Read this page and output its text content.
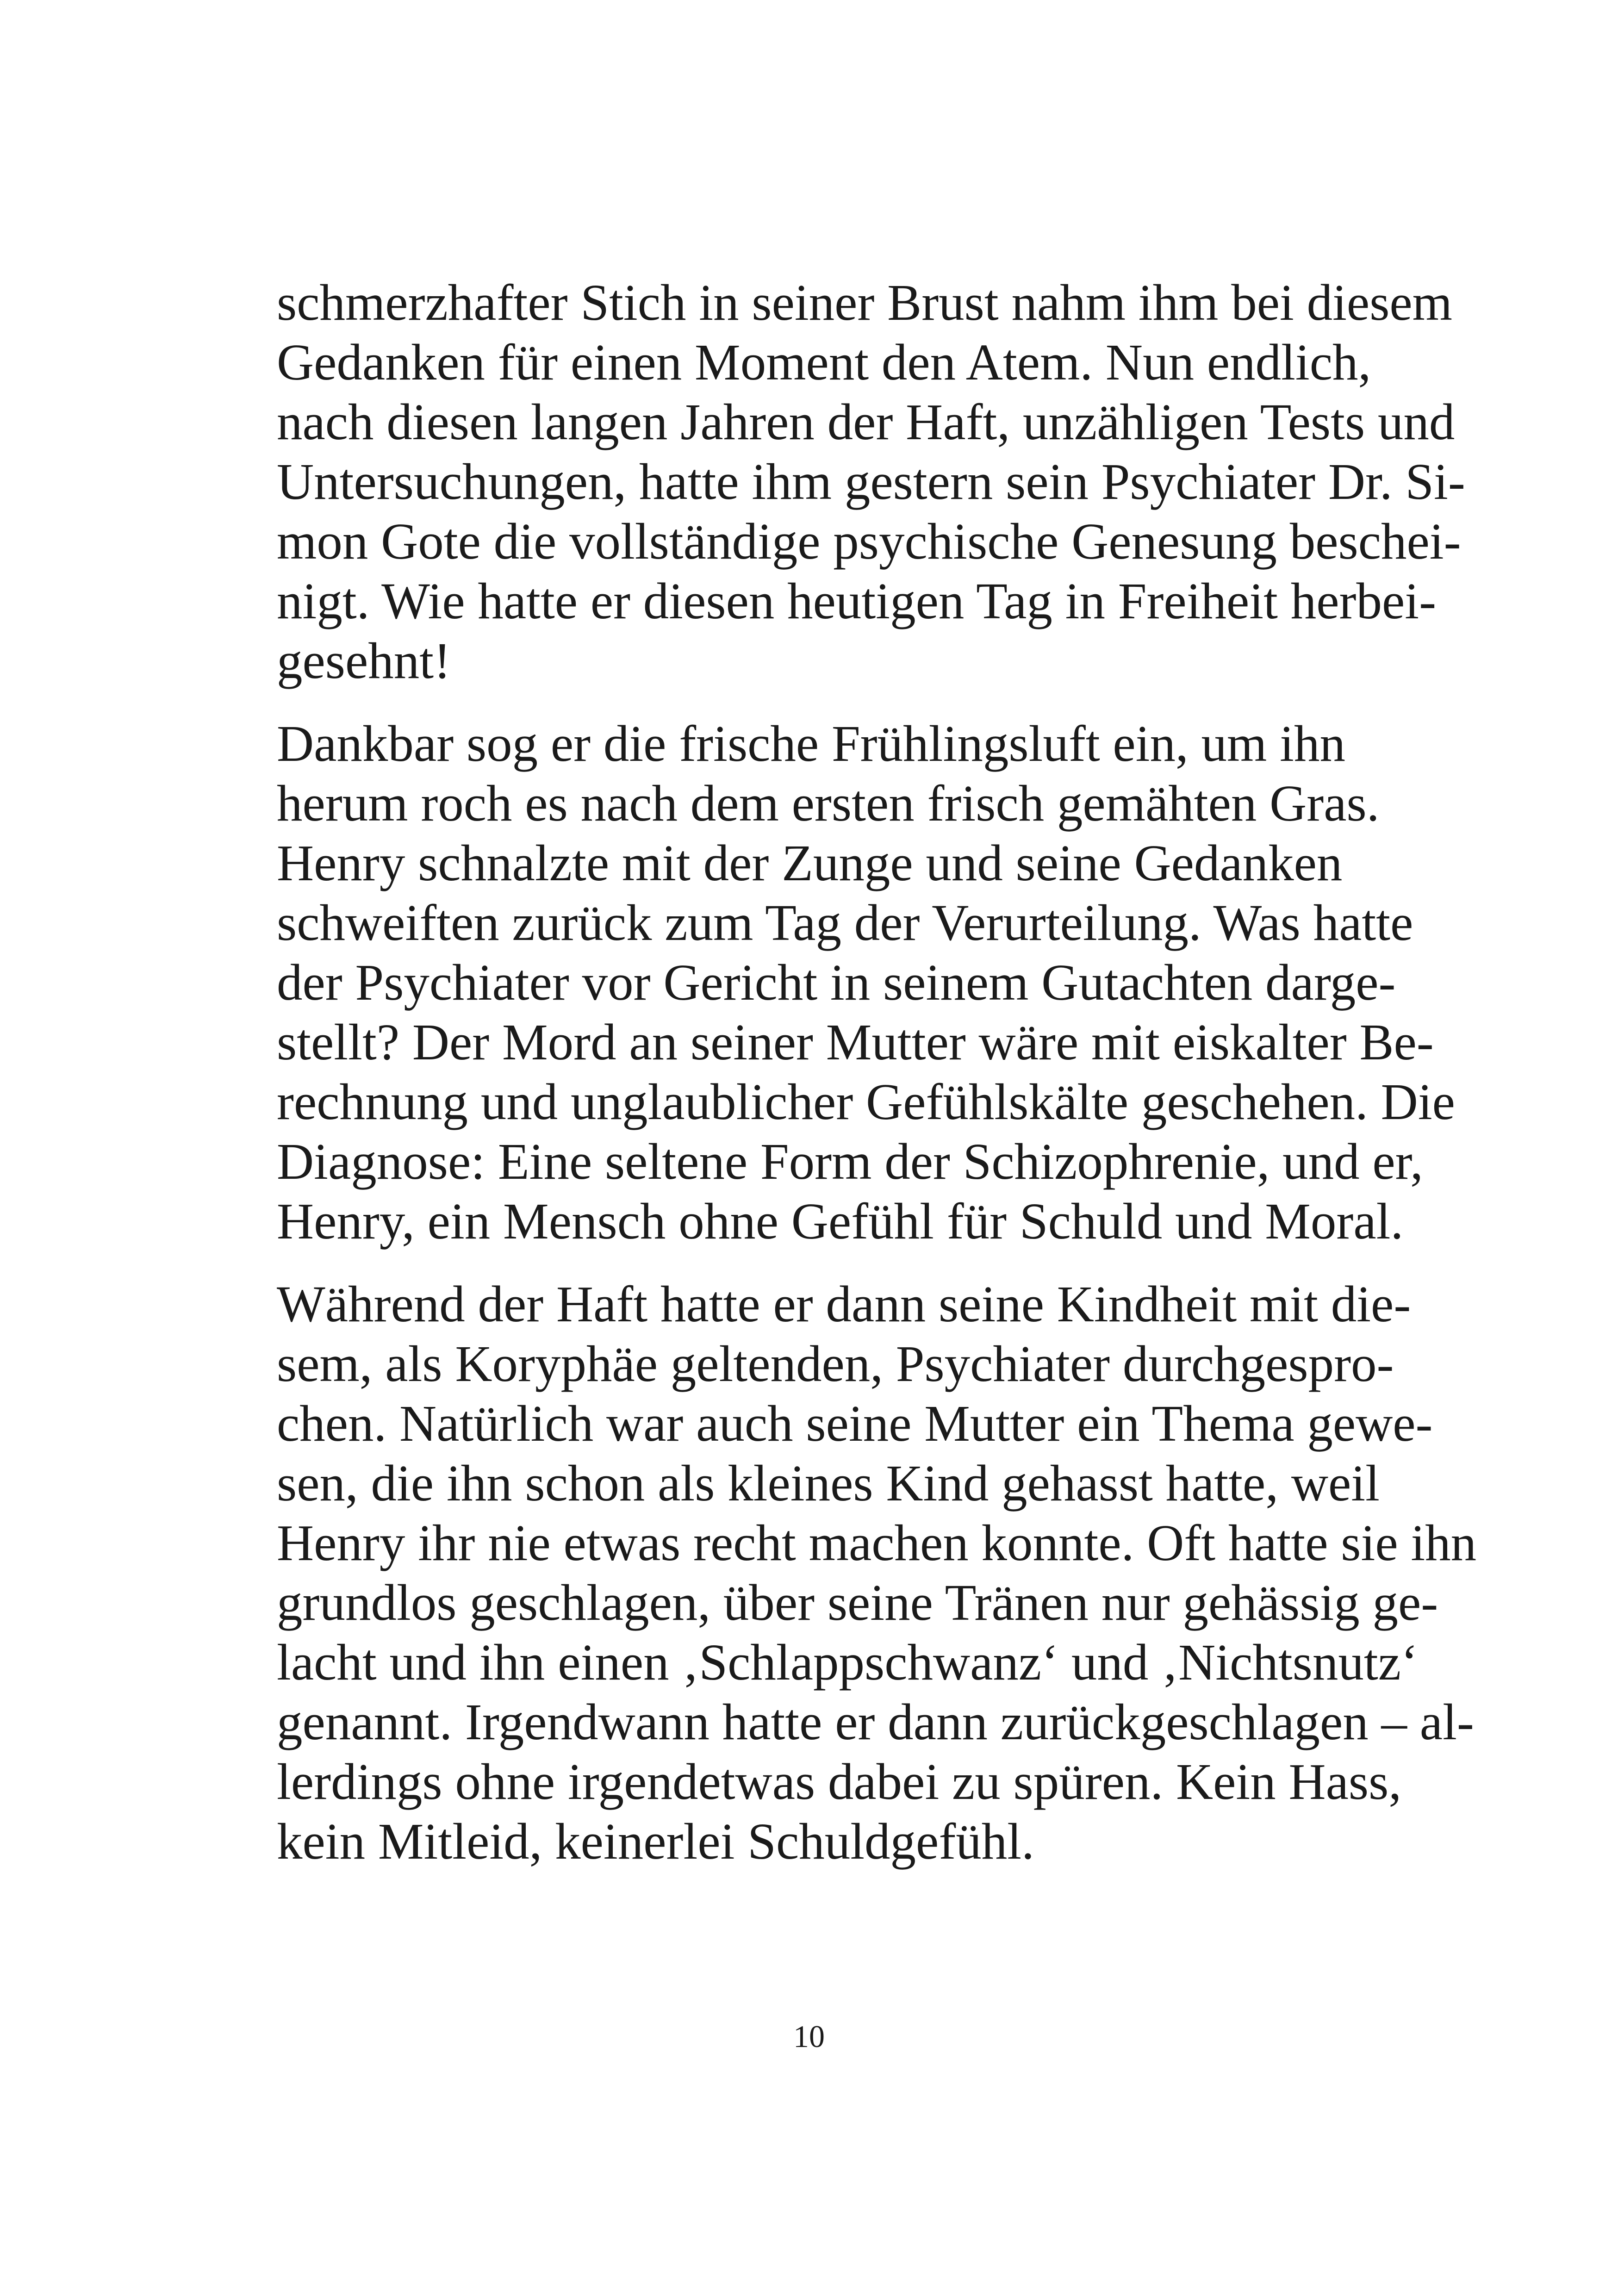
schmerzhafter Stich in seiner Brust nahm ihm bei diesem
Gedanken für einen Moment den Atem. Nun endlich,
nach diesen langen Jahren der Haft, unzähligen Tests und
Untersuchungen, hatte ihm gestern sein Psychiater Dr. Si-
mon Gote die vollständige psychische Genesung beschei-
nigt. Wie hatte er diesen heutigen Tag in Freiheit herbei-
gesehnt!

Dankbar sog er die frische Frühlingsluft ein, um ihn
herum roch es nach dem ersten frisch gemähten Gras.
Henry schnalzte mit der Zunge und seine Gedanken
schweiften zurück zum Tag der Verurteilung. Was hatte
der Psychiater vor Gericht in seinem Gutachten darge-
stellt? Der Mord an seiner Mutter wäre mit eiskalter Be-
rechnung und unglaublicher Gefühlskälte geschehen. Die
Diagnose: Eine seltene Form der Schizophrenie, und er,
Henry, ein Mensch ohne Gefühl für Schuld und Moral.

Während der Haft hatte er dann seine Kindheit mit die-
sem, als Koryphäe geltenden, Psychiater durchgespro-
chen. Natürlich war auch seine Mutter ein Thema gewe-
sen, die ihn schon als kleines Kind gehasst hatte, weil
Henry ihr nie etwas recht machen konnte. Oft hatte sie ihn
grundlos geschlagen, über seine Tränen nur gehässig ge-
lacht und ihn einen ‚Schlappschwanz‘ und ‚Nichtsnutz‘
genannt. Irgendwann hatte er dann zurückgeschlagen – al-
lerdings ohne irgendetwas dabei zu spüren. Kein Hass,
kein Mitleid, keinerlei Schuldgefühl.

10
